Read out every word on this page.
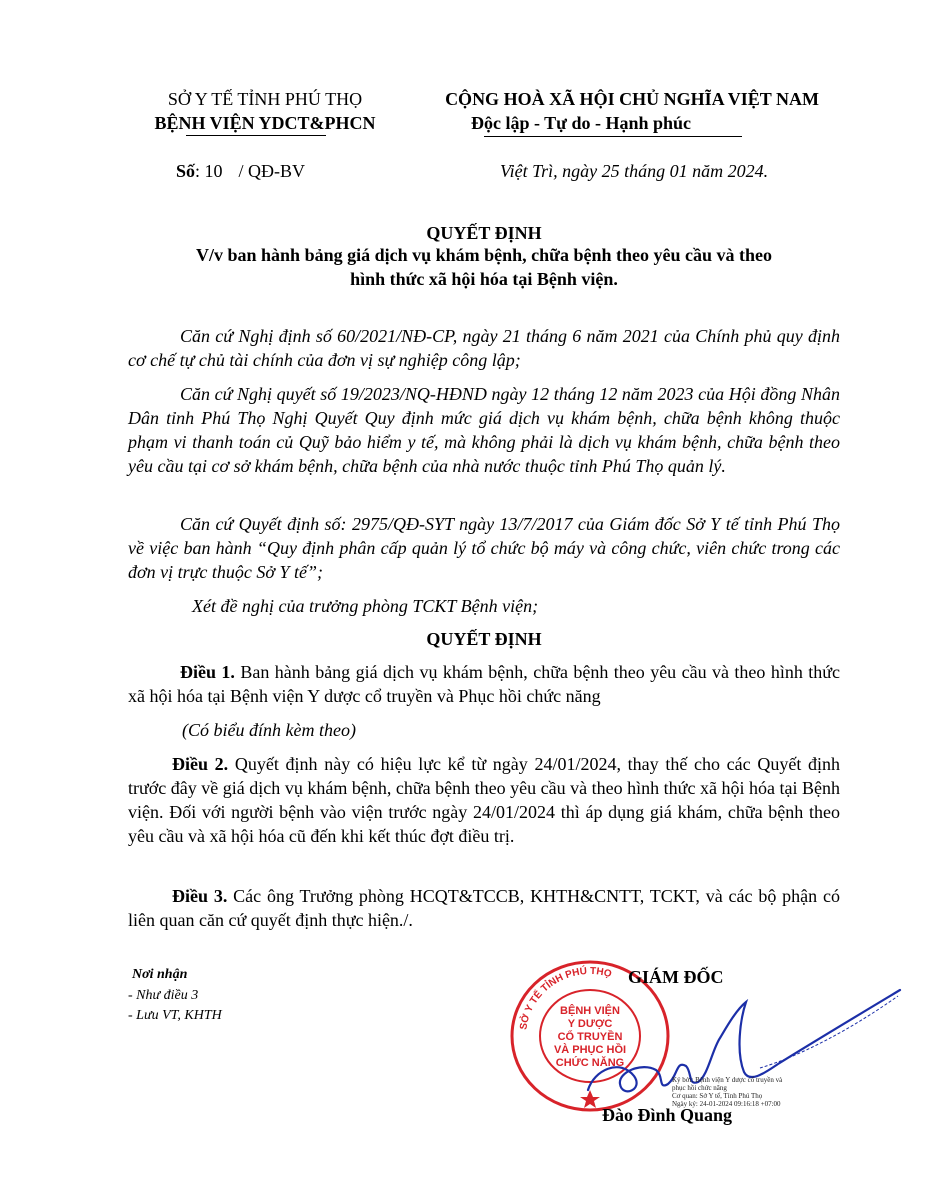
SỞ Y TẾ TỈNH PHÚ THỌ
BỆNH VIỆN YDCT&PHCN
CỘNG HOÀ XÃ HỘI CHỦ NGHĨA VIỆT NAM
Độc lập - Tự do - Hạnh phúc
Số: 10 / QĐ-BV	Việt Trì, ngày 25 tháng 01 năm 2024.
QUYẾT ĐỊNH
V/v ban hành bảng giá dịch vụ khám bệnh, chữa bệnh theo yêu cầu và theo
hình thức xã hội hóa tại Bệnh viện.

Căn cứ Nghị định số 60/2021/NĐ-CP, ngày 21 tháng 6 năm 2021 của Chính phủ quy định cơ chế tự chủ tài chính của đơn vị sự nghiệp công lập;

Căn cứ Nghị quyết số 19/2023/NQ-HĐND ngày 12 tháng 12 năm 2023 của Hội đồng Nhân Dân tỉnh Phú Thọ Nghị Quyết Quy định mức giá dịch vụ khám bệnh, chữa bệnh không thuộc phạm vi thanh toán củ Quỹ bảo hiểm y tế, mà không phải là dịch vụ khám bệnh, chữa bệnh theo yêu cầu tại cơ sở khám bệnh, chữa bệnh của nhà nước thuộc tỉnh Phú Thọ quản lý.

Căn cứ Quyết định số: 2975/QĐ-SYT ngày 13/7/2017 của Giám đốc Sở Y tế tỉnh Phú Thọ về việc ban hành “Quy định phân cấp quản lý tổ chức bộ máy và công chức, viên chức trong các đơn vị trực thuộc Sở Y tế”;

Xét đề nghị của trưởng phòng TCKT Bệnh viện;

QUYẾT ĐỊNH

Điều 1. Ban hành bảng giá dịch vụ khám bệnh, chữa bệnh theo yêu cầu và theo hình thức xã hội hóa tại Bệnh viện Y dược cổ truyền và Phục hồi chức năng

(Có biểu đính kèm theo)

Điều 2. Quyết định này có hiệu lực kể từ ngày 24/01/2024, thay thế cho các Quyết định trước đây về giá dịch vụ khám bệnh, chữa bệnh theo yêu cầu và theo hình thức xã hội hóa tại Bệnh viện. Đối với người bệnh vào viện trước ngày 24/01/2024 thì áp dụng giá khám, chữa bệnh theo yêu cầu và xã hội hóa cũ đến khi kết thúc đợt điều trị.

Điều 3. Các ông Trưởng phòng HCQT&TCCB, KHTH&CNTT, TCKT, và các bộ phận có liên quan căn cứ quyết định thực hiện./.

Nơi nhận
- Như điều 3
- Lưu VT, KHTH
SỞ Y TẾ TỈNH PHÚ THỌ
BỆNH VIỆN
Y DƯỢC
CỔ TRUYỀN
VÀ PHỤC HỒI
CHỨC NĂNG
GIÁM ĐỐC
Ký bởi: Bệnh viện Y dược cổ truyền và
phục hồi chức năng
Cơ quan: Sở Y tế, Tỉnh Phú Thọ
Ngày ký: 24-01-2024 09:16:18 +07:00
Đào Đình Quang
